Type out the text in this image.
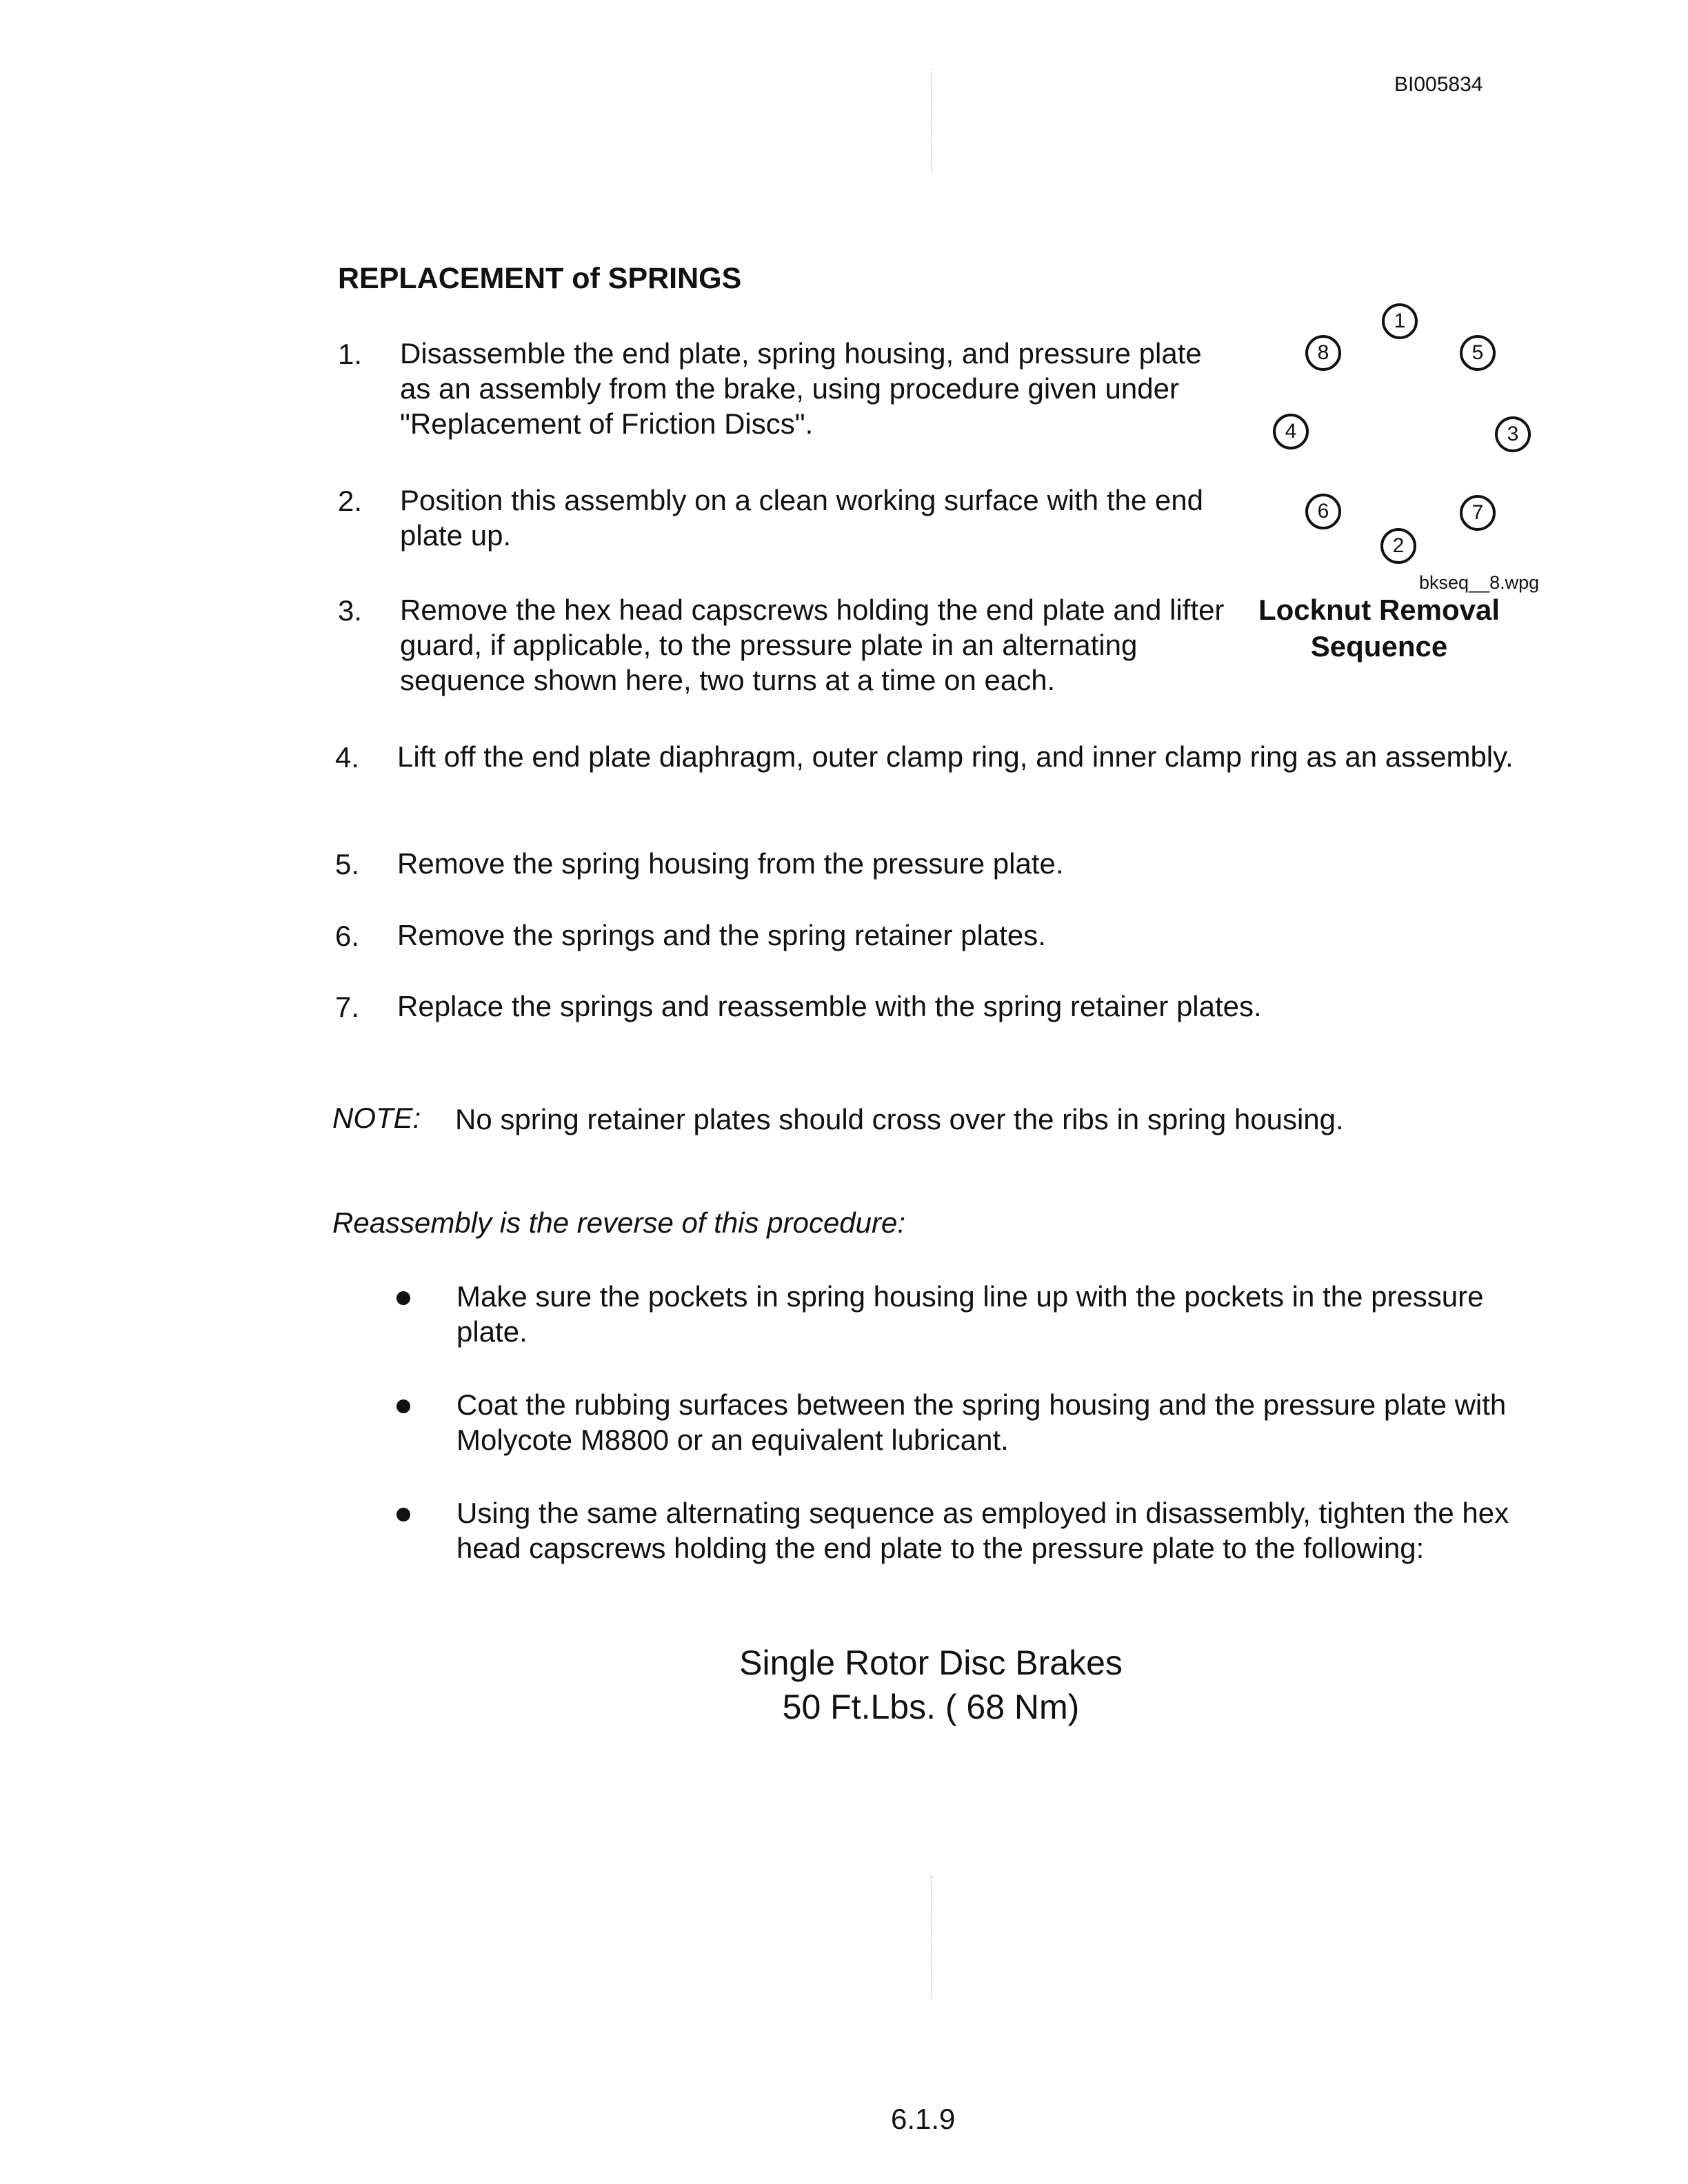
BI005834
REPLACEMENT of SPRINGS
1.	Disassemble the end plate, spring housing, and pressure plate as an assembly from the brake, using procedure given under "Replacement of Friction Discs".
2.	Position this assembly on a clean working surface with the end plate up.
3.	Remove the hex head capscrews holding the end plate and lifter guard, if applicable, to the pressure plate in an alternating sequence shown here, two turns at a time on each.
4.	Lift off the end plate diaphragm, outer clamp ring, and inner clamp ring as an assembly.
5.	Remove the spring housing from the pressure plate.
6.	Remove the springs and the spring retainer plates.
7.	Replace the springs and reassemble with the spring retainer plates.
1
8	5
4	3
6	7
2
bkseq__8.wpg
Locknut Removal
Sequence
NOTE: No spring retainer plates should cross over the ribs in spring housing.
Reassembly is the reverse of this procedure:
Make sure the pockets in spring housing line up with the pockets in the pressure plate.
Coat the rubbing surfaces between the spring housing and the pressure plate with Molycote M8800 or an equivalent lubricant.
Using the same alternating sequence as employed in disassembly, tighten the hex head capscrews holding the end plate to the pressure plate to the following:
Single Rotor Disc Brakes
50 Ft.Lbs. ( 68 Nm)
6.1.9
